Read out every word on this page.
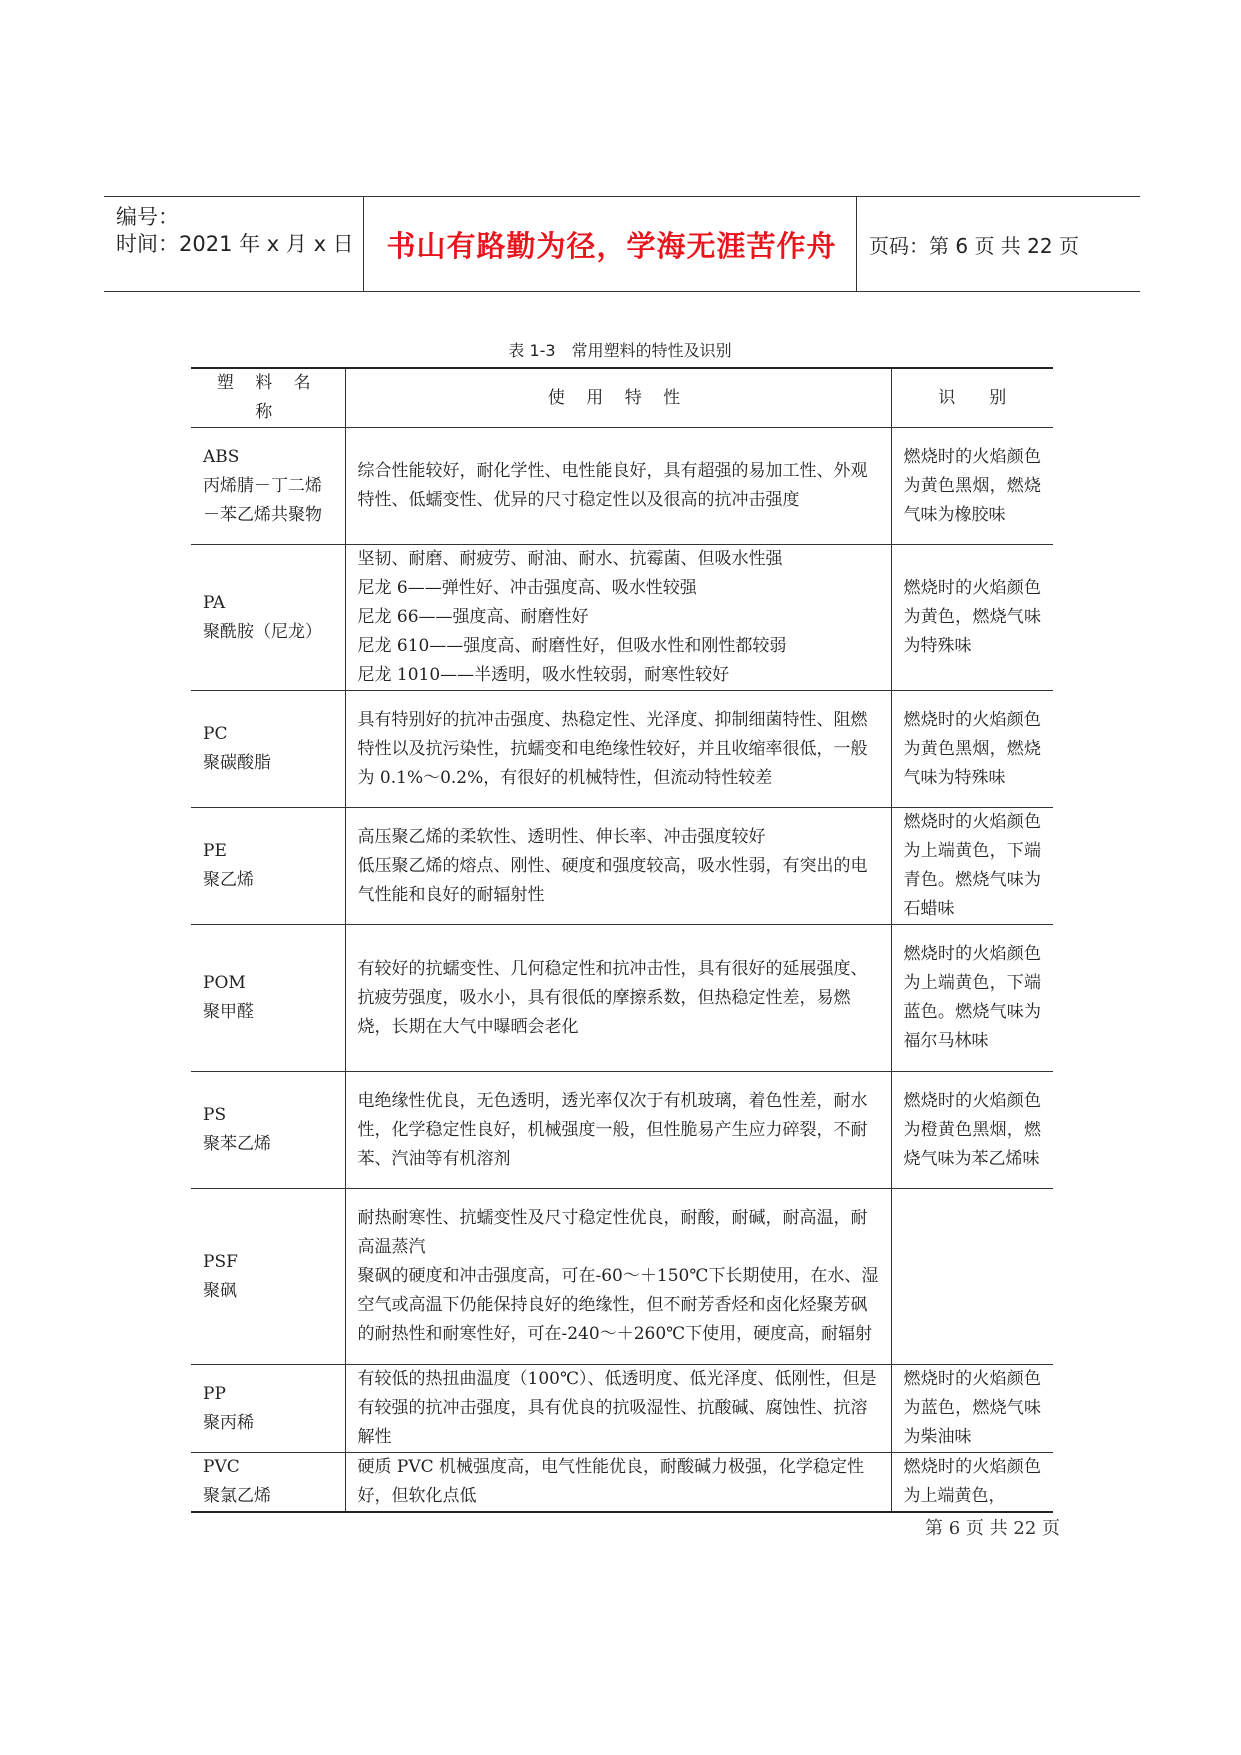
编号：
时间：2021 年 x 月 x 日	书山有路勤为径，学海无涯苦作舟	页码：第 6 页 共 22 页
表 1-3　常用塑料的特性及识别
塑 料 名 称	使 用 特 性	识　　别

ABS
丙烯腈－丁二烯－苯乙烯共聚物	综合性能较好，耐化学性、电性能良好，具有超强的易加工性、外观特性、低蠕变性、优异的尺寸稳定性以及很高的抗冲击强度	燃烧时的火焰颜色为黄色黑烟，燃烧气味为橡胶味

PA
聚酰胺（尼龙）	坚韧、耐磨、耐疲劳、耐油、耐水、抗霉菌、但吸水性强
尼龙 6——弹性好、冲击强度高、吸水性较强
尼龙 66——强度高、耐磨性好
尼龙 610——强度高、耐磨性好，但吸水性和刚性都较弱
尼龙 1010——半透明，吸水性较弱，耐寒性较好	燃烧时的火焰颜色为黄色，燃烧气味为特殊味

PC
聚碳酸脂	具有特别好的抗冲击强度、热稳定性、光泽度、抑制细菌特性、阻燃特性以及抗污染性，抗蠕变和电绝缘性较好，并且收缩率很低，一般为 0.1%～0.2%，有很好的机械特性，但流动特性较差	燃烧时的火焰颜色为黄色黑烟，燃烧气味为特殊味

PE
聚乙烯	高压聚乙烯的柔软性、透明性、伸长率、冲击强度较好
低压聚乙烯的熔点、刚性、硬度和强度较高，吸水性弱，有突出的电气性能和良好的耐辐射性	燃烧时的火焰颜色为上端黄色，下端青色。燃烧气味为石蜡味

POM
聚甲醛	有较好的抗蠕变性、几何稳定性和抗冲击性，具有很好的延展强度、抗疲劳强度，吸水小，具有很低的摩擦系数，但热稳定性差，易燃烧，长期在大气中曝晒会老化	燃烧时的火焰颜色为上端黄色，下端蓝色。燃烧气味为福尔马林味

PS
聚苯乙烯	电绝缘性优良，无色透明，透光率仅次于有机玻璃，着色性差，耐水性，化学稳定性良好，机械强度一般，但性脆易产生应力碎裂，不耐苯、汽油等有机溶剂	燃烧时的火焰颜色为橙黄色黑烟，燃烧气味为苯乙烯味

PSF
聚砜	耐热耐寒性、抗蠕变性及尺寸稳定性优良，耐酸，耐碱，耐高温，耐高温蒸汽
聚砜的硬度和冲击强度高，可在-60～＋150℃下长期使用，在水、湿空气或高温下仍能保持良好的绝缘性，但不耐芳香烃和卤化烃聚芳砜的耐热性和耐寒性好，可在-240～＋260℃下使用，硬度高，耐辐射	

PP
聚丙稀	有较低的热扭曲温度（100℃）、低透明度、低光泽度、低刚性，但是有较强的抗冲击强度，具有优良的抗吸湿性、抗酸碱、腐蚀性、抗溶解性	燃烧时的火焰颜色为蓝色，燃烧气味为柴油味

PVC
聚氯乙烯	硬质 PVC 机械强度高，电气性能优良，耐酸碱力极强，化学稳定性好，但软化点低	燃烧时的火焰颜色为上端黄色，
第 6 页 共 22 页
